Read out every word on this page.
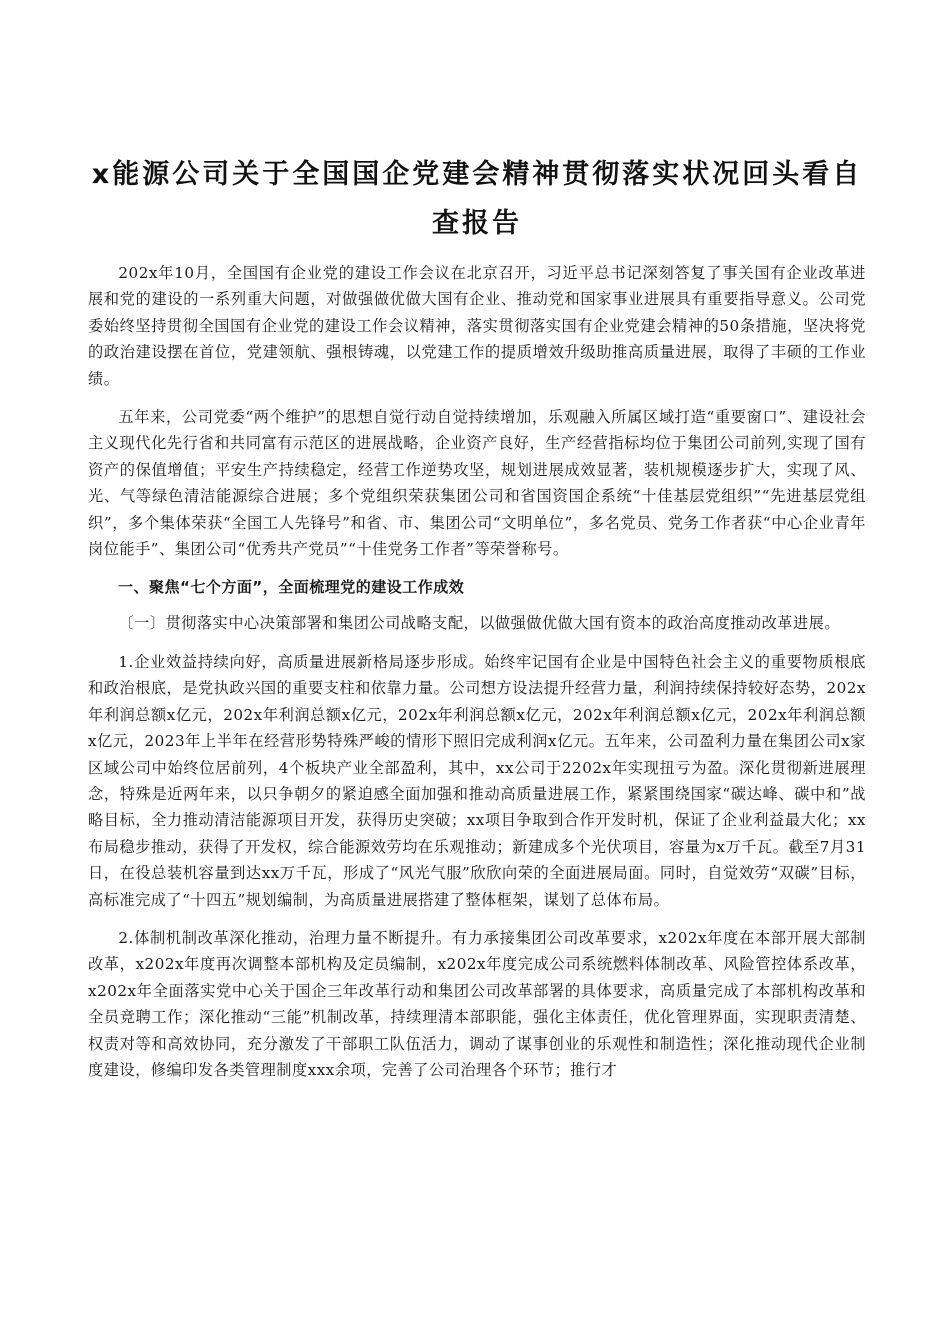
x能源公司关于全国国企党建会精神贯彻落实状况回头看自查报告

202x年10月，全国国有企业党的建设工作会议在北京召开，习近平总书记深刻答复了事关国有企业改革进展和党的建设的一系列重大问题，对做强做优做大国有企业、推动党和国家事业进展具有重要指导意义。公司党委始终坚持贯彻全国国有企业党的建设工作会议精神，落实贯彻落实国有企业党建会精神的50条措施，坚决将党的政治建设摆在首位，党建领航、强根铸魂，以党建工作的提质增效升级助推高质量进展，取得了丰硕的工作业绩。

五年来，公司党委“两个维护”的思想自觉行动自觉持续增加，乐观融入所属区域打造“重要窗口”、建设社会主义现代化先行省和共同富有示范区的进展战略，企业资产良好，生产经营指标均位于集团公司前列,实现了国有资产的保值增值；平安生产持续稳定，经营工作逆势攻坚，规划进展成效显著，装机规模逐步扩大，实现了风、光、气等绿色清洁能源综合进展；多个党组织荣获集团公司和省国资国企系统“十佳基层党组织”“先进基层党组织”，多个集体荣获“全国工人先锋号”和省、市、集团公司“文明单位”，多名党员、党务工作者获“中心企业青年岗位能手”、集团公司“优秀共产党员”“十佳党务工作者”等荣誉称号。

一、聚焦“七个方面”，全面梳理党的建设工作成效

〔一〕贯彻落实中心决策部署和集团公司战略支配，以做强做优做大国有资本的政治高度推动改革进展。

1.企业效益持续向好，高质量进展新格局逐步形成。始终牢记国有企业是中国特色社会主义的重要物质根底和政治根底，是党执政兴国的重要支柱和依靠力量。公司想方设法提升经营力量，利润持续保持较好态势，202x年利润总额x亿元，202x年利润总额x亿元，202x年利润总额x亿元，202x年利润总额x亿元，202x年利润总额x亿元，2023年上半年在经营形势特殊严峻的情形下照旧完成利润x亿元。五年来，公司盈利力量在集团公司x家区域公司中始终位居前列，4个板块产业全部盈利，其中，xx公司于2202x年实现扭亏为盈。深化贯彻新进展理念，特殊是近两年来，以只争朝夕的紧迫感全面加强和推动高质量进展工作，紧紧围绕国家“碳达峰、碳中和”战略目标，全力推动清洁能源项目开发，获得历史突破；xx项目争取到合作开发时机，保证了企业利益最大化；xx布局稳步推动，获得了开发权，综合能源效劳均在乐观推动；新建成多个光伏项目，容量为x万千瓦。截至7月31日，在役总装机容量到达xx万千瓦，形成了“风光气服”欣欣向荣的全面进展局面。同时，自觉效劳“双碳”目标，高标准完成了“十四五”规划编制，为高质量进展搭建了整体框架，谋划了总体布局。

2.体制机制改革深化推动，治理力量不断提升。有力承接集团公司改革要求，x202x年度在本部开展大部制改革，x202x年度再次调整本部机构及定员编制，x202x年度完成公司系统燃料体制改革、风险管控体系改革，x202x年全面落实党中心关于国企三年改革行动和集团公司改革部署的具体要求，高质量完成了本部机构改革和全员竞聘工作；深化推动“三能”机制改革，持续理清本部职能，强化主体责任，优化管理界面，实现职责清楚、权责对等和高效协同，充分激发了干部职工队伍活力，调动了谋事创业的乐观性和制造性；深化推动现代企业制度建设，修编印发各类管理制度xxx余项，完善了公司治理各个环节；推行才
